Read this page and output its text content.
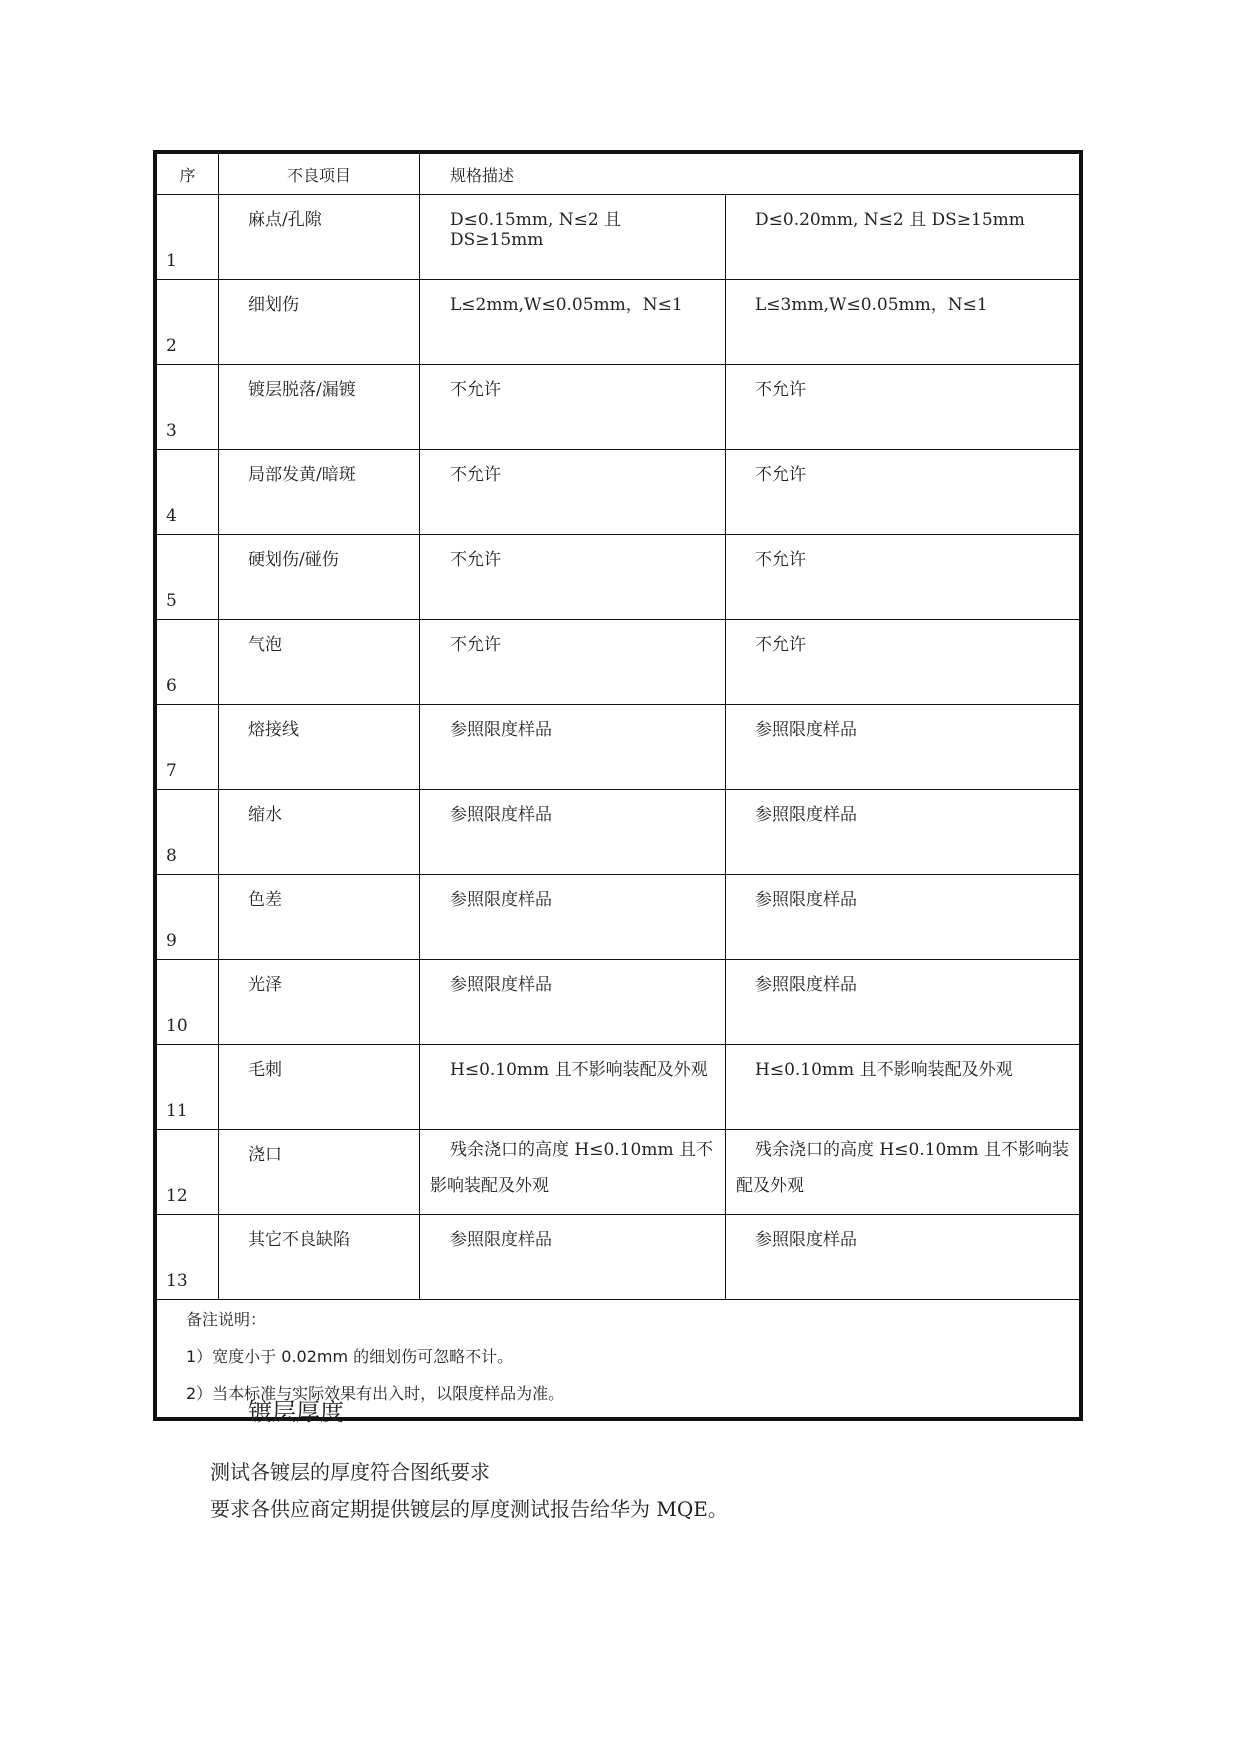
序	不良项目	规格描述	
1	麻点/孔隙	D≤0.15mm, N≤2 且 DS≥15mm	D≤0.20mm, N≤2 且 DS≥15mm
2	细划伤	L≤2mm,W≤0.05mm，N≤1	L≤3mm,W≤0.05mm，N≤1
3	镀层脱落/漏镀	不允许	不允许
4	局部发黄/暗斑	不允许	不允许
5	硬划伤/碰伤	不允许	不允许
6	气泡	不允许	不允许
7	熔接线	参照限度样品	参照限度样品
8	缩水	参照限度样品	参照限度样品
9	色差	参照限度样品	参照限度样品
10	光泽	参照限度样品	参照限度样品
11	毛刺	H≤0.10mm 且不影响装配及外观	H≤0.10mm 且不影响装配及外观
12	浇口	残余浇口的高度 H≤0.10mm 且不影响装配及外观	残余浇口的高度 H≤0.10mm 且不影响装配及外观
13	其它不良缺陷	参照限度样品	参照限度样品

备注说明：
1）宽度小于 0.02mm 的细划伤可忽略不计。
2）当本标准与实际效果有出入时，以限度样品为准。			
镀层厚度
测试各镀层的厚度符合图纸要求
要求各供应商定期提供镀层的厚度测试报告给华为 MQE。
